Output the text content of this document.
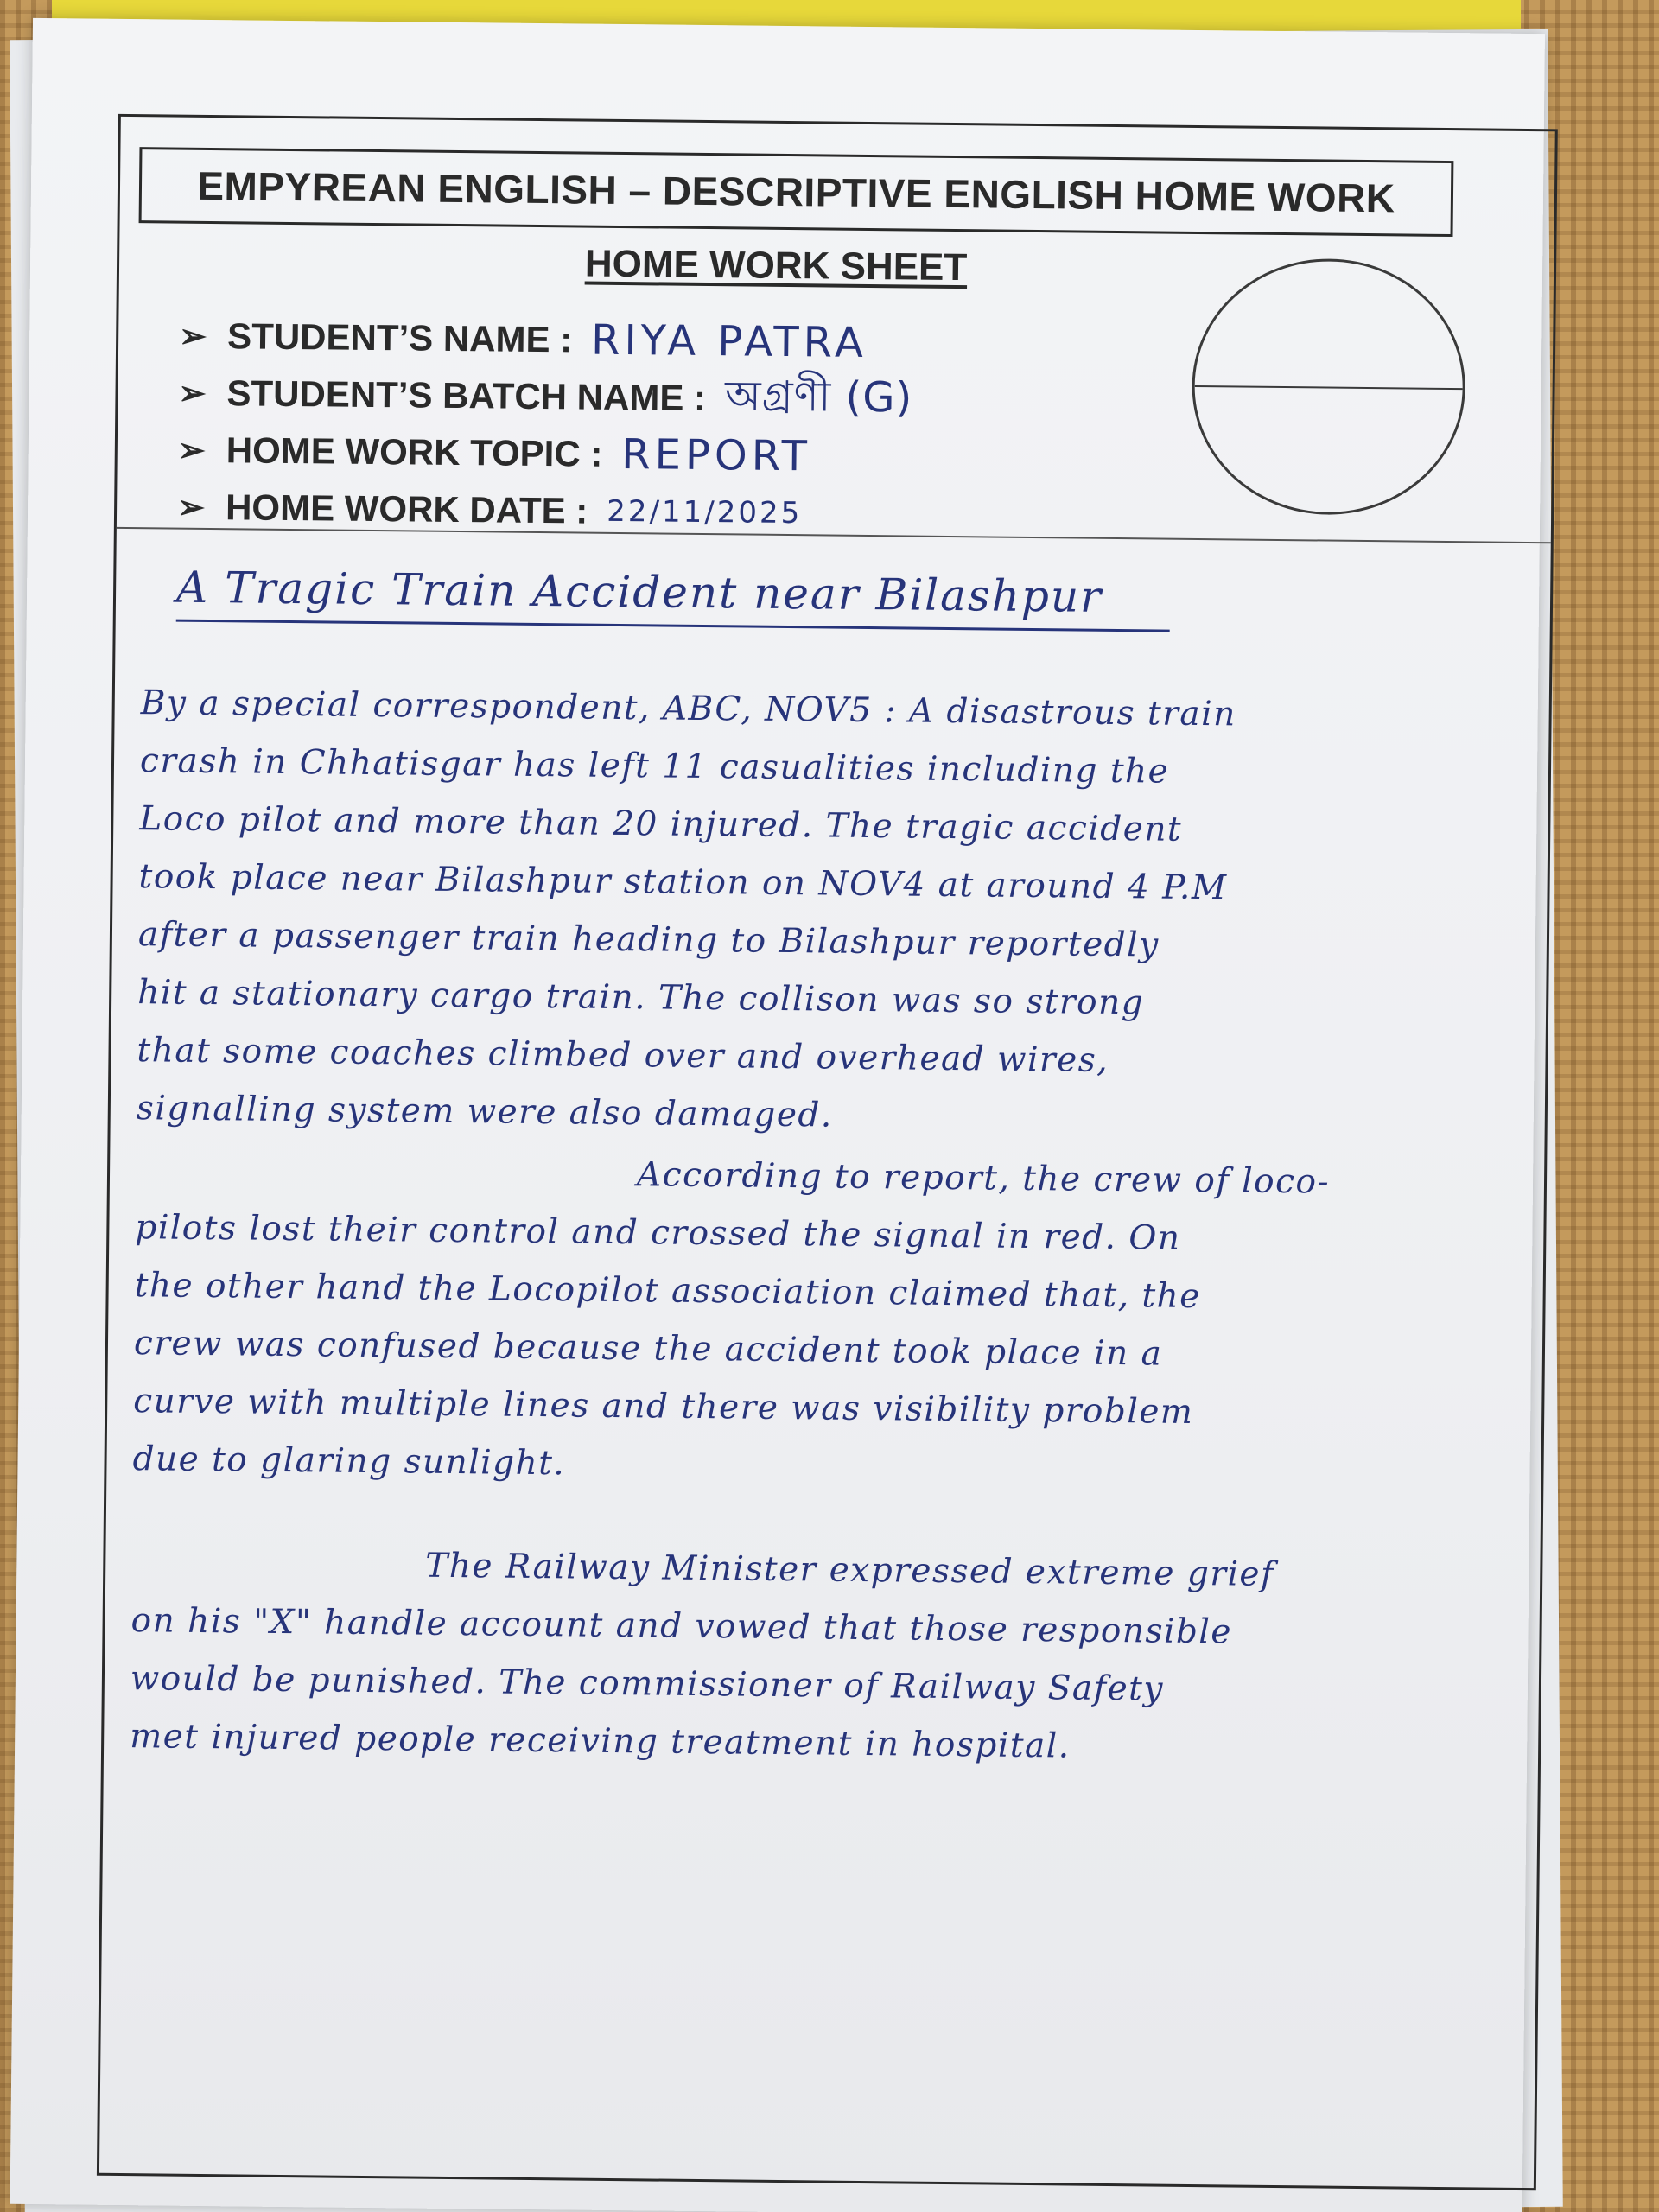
EMPYREAN ENGLISH – DESCRIPTIVE ENGLISH HOME WORK
HOME WORK SHEET
➢ STUDENT’S NAME : RIYA PATRA
➢ STUDENT’S BATCH NAME : অগ্রণী (G)
➢ HOME WORK TOPIC : REPORT
➢ HOME WORK DATE : 22/11/2025
A Tragic Train Accident near Bilashpur
By a special correspondent, ABC, NOV5 : A disastrous train
crash in Chhatisgar has left 11 casualities including the
Loco pilot and more than 20 injured. The tragic accident
took place near Bilashpur station on NOV4 at around 4 P.M
after a passenger train heading to Bilashpur reportedly
hit a stationary cargo train. The collison was so strong
that some coaches climbed over and overhead wires,
signalling system were also damaged.
According to report, the crew of loco-
pilots lost their control and crossed the signal in red. On
the other hand the Locopilot association claimed that, the
crew was confused because the accident took place in a
curve with multiple lines and there was visibility problem
due to glaring sunlight.
The Railway Minister expressed extreme grief
on his "X" handle account and vowed that those responsible
would be punished. The commissioner of Railway Safety
met injured people receiving treatment in hospital.
